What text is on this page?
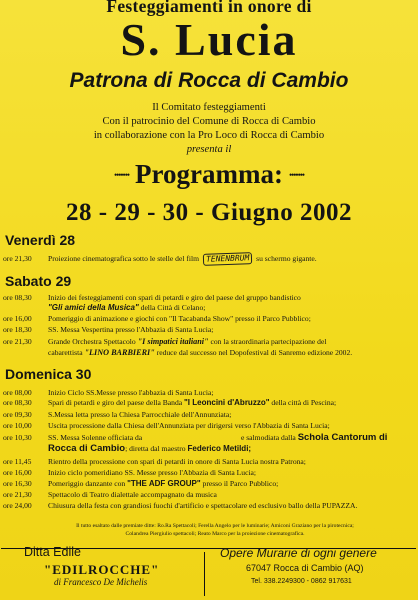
Festeggiamenti in onore di
S. Lucia
Patrona di Rocca di Cambio
Il Comitato festeggiamenti
Con il patrocinio del Comune di Rocca di Cambio
in collaborazione con la Pro Loco di Rocca di Cambio
presenta il
••••••• Programma: •••••••
28 - 29 - 30 - Giugno 2002
Venerdì 28
ore 21,30 Proiezione cinematografica sotto le stelle del film TENENBRUM su schermo gigante.
Sabato 29
ore 08,30 Inizio dei festeggiamenti con spari di petardi e giro del paese del gruppo bandistico
"Gli amici della Musica" della Città di Celano;
ore 16,00 Pomeriggio di animazione e giochi con "Il Tacabanda Show" presso il Parco Pubblico;
ore 18,30 SS. Messa Vespertina presso l'Abbazia di Santa Lucia;
ore 21,30 Grande Orchestra Spettacolo "I simpatici italiani" con la straordinaria partecipazione del
cabarettista "LINO BARBIERI" reduce dal successo nel Dopofestival di Sanremo edizione 2002.
Domenica 30
ore 08,00 Inizio Ciclo SS.Messe presso l'abbazia di Santa Lucia;
ore 08,30 Spari di petardi e giro del paese della Banda "I Leoncini d'Abruzzo" della città di Pescina;
ore 09,30 S.Messa letta presso la Chiesa Parrocchiale dell'Annunziata;
ore 10,00 Uscita processione dalla Chiesa dell'Annunziata per dirigersi verso l'Abbazia di Santa Lucia;
ore 10,30 SS. Messa Solenne officiata da	e salmodiata dalla Schola Cantorum di
Rocca di Cambio; diretta dal maestro Federico Metildi;
ore 11,45 Rientro della processione con spari di petardi in onore di Santa Lucia nostra Patrona;
ore 16,00 Inizio ciclo pomeridiano SS. Messe presso l'Abbazia di Santa Lucia;
ore 16,30 Pomeriggio danzante con "THE ADF GROUP" presso il Parco Pubblico;
ore 21,30 Spettacolo di Teatro dialettale accompagnato da musica
ore 24,00 Chiusura della festa con grandiosi fuochi d'artificio e spettacolare ed esclusivo ballo della PUPAZZA.
Il tutto esaltato dalle premiate ditte: Ro.Ra Spettacoli; Ferella Angelo per le luminarie; Amiconi Graziano per la pirotecnica;
Colandrea Piergiulio spettacoli; Reato Marco per la proiezione cinematografica.
Ditta Edile
"EDILROCCHE"
di Francesco De Michelis
Opere Murarie di ogni genere
67047 Rocca di Cambio (AQ)
Tel. 338.2249300 - 0862 917631
